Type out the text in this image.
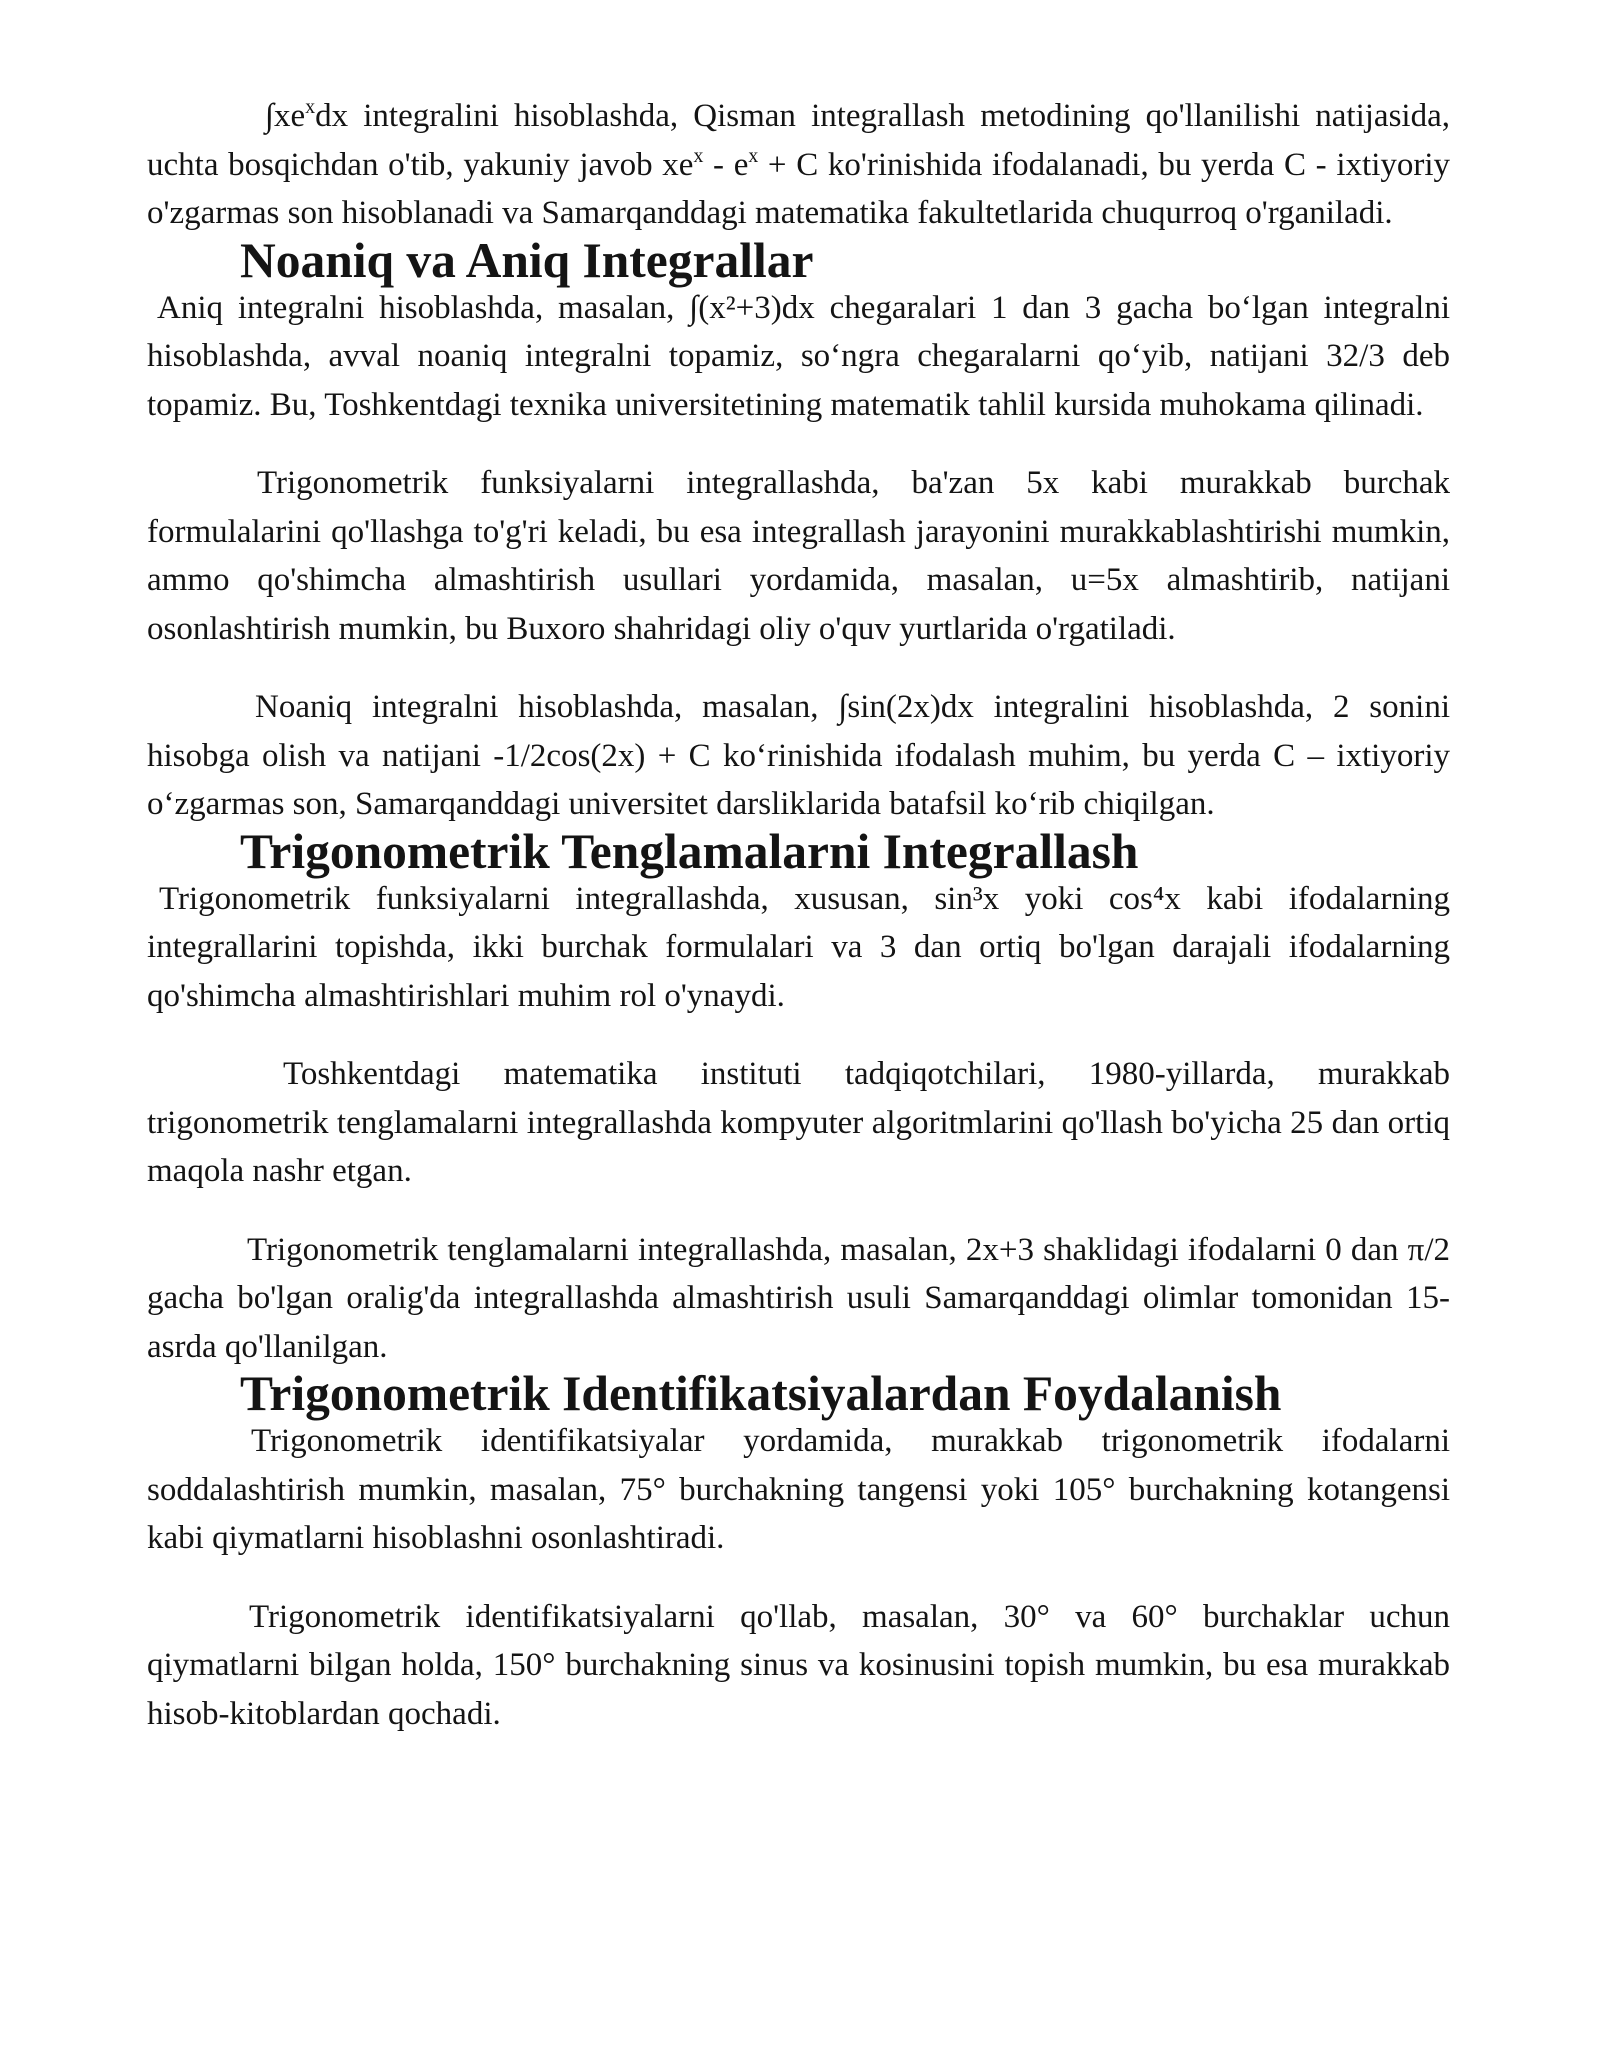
$\int xe^xdx$ integralini hisoblashda, Qisman integrallash metodining qo'llanilishi natijasida, uchta bosqichdan o'tib, yakuniy javob $xe^x - e^x + C$ ko'rinishida ifodalanadi, bu yerda C - ixtiyoriy o'zgarmas son hisoblanadi va Samarqanddagi matematika fakultetlarida chuqurroq o'rganiladi.

Noaniq va Aniq Integrallar

Aniq integralni hisoblashda, masalan, ∫(x²+3)dx chegaralari 1 dan 3 gacha boʻlgan integralni hisoblashda, avval noaniq integralni topamiz, soʻngra chegaralarni qoʻyib, natijani 32/3 deb topamiz. Bu, Toshkentdagi texnika universitetining matematik tahlil kursida muhokama qilinadi.

Trigonometrik funksiyalarni integrallashda, ba'zan 5x kabi murakkab burchak formulalarini qo'llashga to'g'ri keladi, bu esa integrallash jarayonini murakkablashtirishi mumkin, ammo qo'shimcha almashtirish usullari yordamida, masalan, u=5x almashtirib, natijani osonlashtirish mumkin, bu Buxoro shahridagi oliy o'quv yurtlarida o'rgatiladi.

Noaniq integralni hisoblashda, masalan, ∫sin(2x)dx integralini hisoblashda, 2 sonini hisobga olish va natijani -1/2cos(2x) + C koʻrinishida ifodalash muhim, bu yerda C – ixtiyoriy oʻzgarmas son, Samarqanddagi universitet darsliklarida batafsil koʻrib chiqilgan.

Trigonometrik Tenglamalarni Integrallash

Trigonometrik funksiyalarni integrallashda, xususan, sin³x yoki cos⁴x kabi ifodalarning integrallarini topishda, ikki burchak formulalari va 3 dan ortiq bo'lgan darajali ifodalarning qo'shimcha almashtirishlari muhim rol o'ynaydi.

Toshkentdagi matematika instituti tadqiqotchilari, 1980-yillarda, murakkab trigonometrik tenglamalarni integrallashda kompyuter algoritmlarini qo'llash bo'yicha 25 dan ortiq maqola nashr etgan.

Trigonometrik tenglamalarni integrallashda, masalan, 2x+3 shaklidagi ifodalarni 0 dan π/2 gacha bo'lgan oralig'da integrallashda almashtirish usuli Samarqanddagi olimlar tomonidan 15-asrda qo'llanilgan.

Trigonometrik Identifikatsiyalardan Foydalanish

Trigonometrik identifikatsiyalar yordamida, murakkab trigonometrik ifodalarni soddalashtirish mumkin, masalan, 75° burchakning tangensi yoki 105° burchakning kotangensi kabi qiymatlarni hisoblashni osonlashtiradi.

Trigonometrik identifikatsiyalarni qo'llab, masalan, 30° va 60° burchaklar uchun qiymatlarni bilgan holda, 150° burchakning sinus va kosinusini topish mumkin, bu esa murakkab hisob-kitoblardan qochadi.
